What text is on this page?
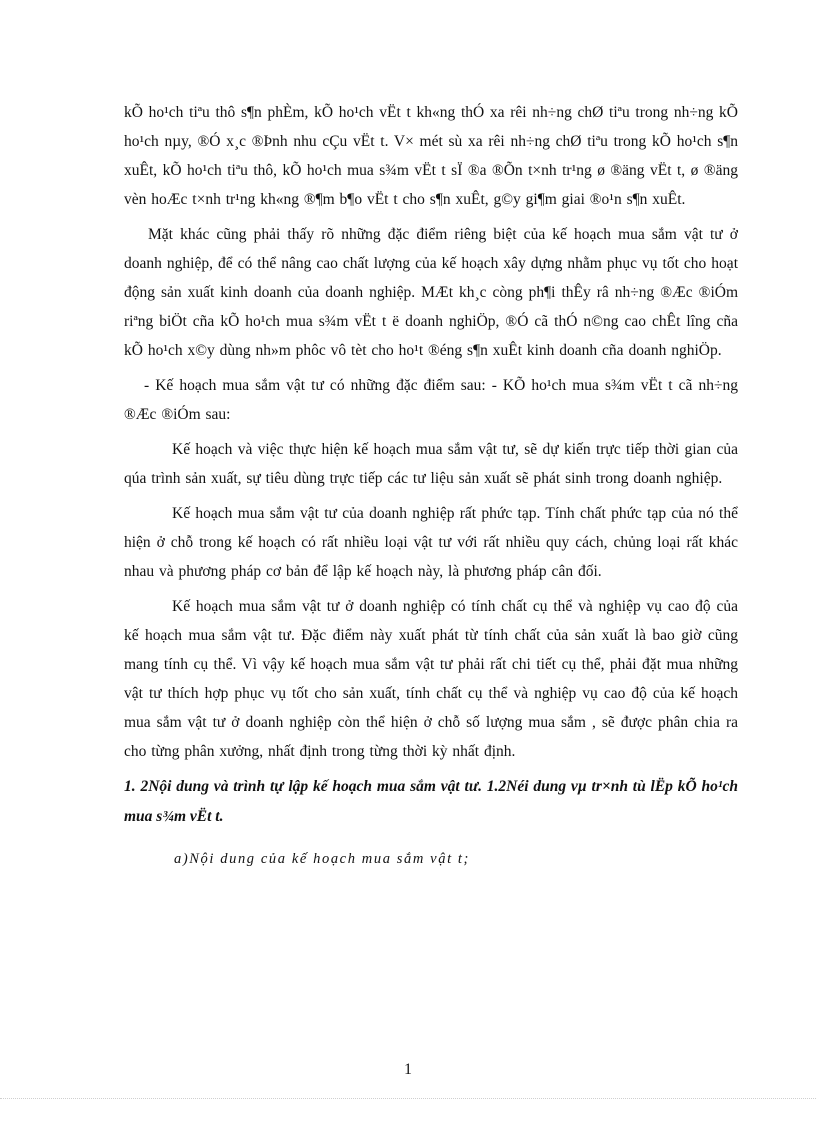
kÕ ho¹ch tiªu thô s¶n phÈm, kÕ ho¹ch vËt t kh«ng thÓ xa rêi nh÷ng chØ tiªu trong nh÷ng kÕ ho¹ch nµy, ®Ó x¸c ®Þnh nhu cÇu vËt t. V× mét sù xa rêi nh÷ng chØ tiªu trong kÕ ho¹ch s¶n xuÊt, kÕ ho¹ch tiªu thô, kÕ ho¹ch mua s¾m vËt t sÏ ®a ®Õn t×nh tr¹ng ø ®äng vËt t, ø ®äng vèn hoÆc t×nh tr¹ng kh«ng ®¶m b¶o vËt t cho s¶n xuÊt, g©y gi¶m giai ®o¹n s¶n xuÊt.

Mặt khác cũng phải thấy rõ những đặc điểm riêng biệt của kế hoạch mua sắm vật tư ở doanh nghiệp, để có thể nâng cao chất lượng của kế hoạch xây dựng nhằm phục vụ tốt cho hoạt động sản xuất kinh doanh của doanh nghiệp. MÆt kh¸c còng ph¶i thÊy râ nh÷ng ®Æc ®iÓm riªng biÖt cña kÕ ho¹ch mua s¾m vËt t ë doanh nghiÖp, ®Ó cã thÓ n©ng cao chÊt lîng cña kÕ ho¹ch x©y dùng nh»m phôc vô tèt cho ho¹t ®éng s¶n xuÊt kinh doanh cña doanh nghiÖp.

- Kế hoạch mua sắm vật tư có những đặc điểm sau: - KÕ ho¹ch mua s¾m vËt t cã nh÷ng ®Æc ®iÓm sau:

Kế hoạch và việc thực hiện kế hoạch mua sắm vật tư, sẽ dự kiến trực tiếp thời gian của qúa trình sản xuất, sự tiêu dùng trực tiếp các tư liệu sản xuất sẽ phát sinh trong doanh nghiệp.

Kế hoạch mua sắm vật tư của doanh nghiệp rất phức tạp. Tính chất phức tạp của nó thể hiện ở chỗ trong kế hoạch có rất nhiều loại vật tư với rất nhiều quy cách, chủng loại rất khác nhau và phương pháp cơ bản để lập kế hoạch này, là phương pháp cân đối.

Kế hoạch mua sắm vật tư ở doanh nghiệp có tính chất cụ thể và nghiệp vụ cao độ của kế hoạch mua sắm vật tư. Đặc điểm này xuất phát từ tính chất của sản xuất là bao giờ cũng mang tính cụ thể. Vì vậy kế hoạch mua sắm vật tư phải rất chi tiết cụ thể, phải đặt mua những vật tư thích hợp phục vụ tốt cho sản xuất, tính chất cụ thể và nghiệp vụ cao độ của kế hoạch mua sắm vật tư ở doanh nghiệp còn thể hiện ở chỗ số lượng mua sắm , sẽ được phân chia ra cho từng phân xưởng, nhất định trong từng thời kỳ nhất định.

1. 2Nội dung và trình tự lập kế hoạch mua sắm vật tư. 1.2Néi dung vµ tr×nh tù lËp kÕ ho¹ch mua s¾m vËt t.

a)Nội dung của kế hoạch mua sắm vật t;

1
